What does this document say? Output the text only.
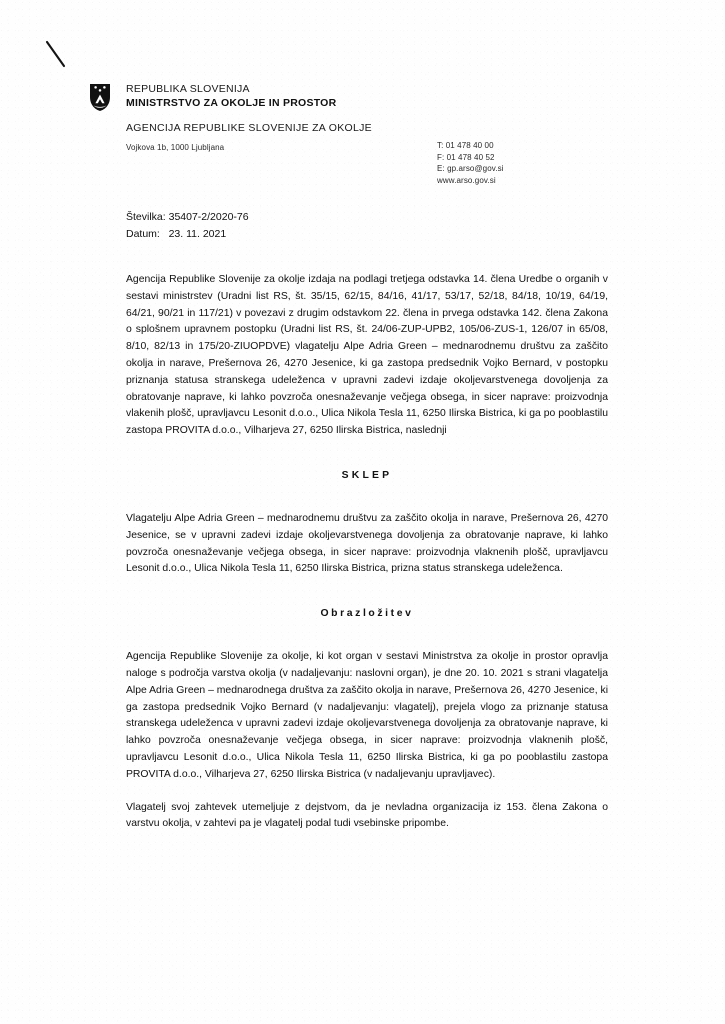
REPUBLIKA SLOVENIJA
MINISTRSTVO ZA OKOLJE IN PROSTOR
AGENCIJA REPUBLIKE SLOVENIJE ZA OKOLJE
Vojkova 1b, 1000 Ljubljana	T: 01 478 40 00
F: 01 478 40 52
E: gp.arso@gov.si
www.arso.gov.si
Številka: 35407-2/2020-76
Datum:   23. 11. 2021

Agencija Republike Slovenije za okolje izdaja na podlagi tretjega odstavka 14. člena Uredbe o organih v sestavi ministrstev (Uradni list RS, št. 35/15, 62/15, 84/16, 41/17, 53/17, 52/18, 84/18, 10/19, 64/19, 64/21, 90/21 in 117/21) v povezavi z drugim odstavkom 22. člena in prvega odstavka 142. člena Zakona o splošnem upravnem postopku (Uradni list RS, št. 24/06-ZUP-UPB2, 105/06-ZUS-1, 126/07 in 65/08, 8/10, 82/13 in 175/20-ZIUOPDVE) vlagatelju Alpe Adria Green – mednarodnemu društvu za zaščito okolja in narave, Prešernova 26, 4270 Jesenice, ki ga zastopa predsednik Vojko Bernard, v postopku priznanja statusa stranskega udeleženca v upravni zadevi izdaje okoljevarstvenega dovoljenja za obratovanje naprave, ki lahko povzroča onesnaževanje večjega obsega, in sicer naprave: proizvodnja vlakenih plošč, upravljavcu Lesonit d.o.o., Ulica Nikola Tesla 11, 6250 Ilirska Bistrica, ki ga po pooblastilu zastopa PROVITA d.o.o., Vilharjeva 27, 6250 Ilirska Bistrica, naslednji

SKLEP

Vlagatelju Alpe Adria Green – mednarodnemu društvu za zaščito okolja in narave, Prešernova 26, 4270 Jesenice, se v upravni zadevi izdaje okoljevarstvenega dovoljenja za obratovanje naprave, ki lahko povzroča onesnaževanje večjega obsega, in sicer naprave: proizvodnja vlaknenih plošč, upravljavcu Lesonit d.o.o., Ulica Nikola Tesla 11, 6250 Ilirska Bistrica, prizna status stranskega udeleženca.

Obrazložitev

Agencija Republike Slovenije za okolje, ki kot organ v sestavi Ministrstva za okolje in prostor opravlja naloge s področja varstva okolja (v nadaljevanju: naslovni organ), je dne 20. 10. 2021 s strani vlagatelja Alpe Adria Green – mednarodnega društva za zaščito okolja in narave, Prešernova 26, 4270 Jesenice, ki ga zastopa predsednik Vojko Bernard (v nadaljevanju: vlagatelj), prejela vlogo za priznanje statusa stranskega udeleženca v upravni zadevi izdaje okoljevarstvenega dovoljenja za obratovanje naprave, ki lahko povzroča onesnaževanje večjega obsega, in sicer naprave: proizvodnja vlaknenih plošč, upravljavcu Lesonit d.o.o., Ulica Nikola Tesla 11, 6250 Ilirska Bistrica, ki ga po pooblastilu zastopa PROVITA d.o.o., Vilharjeva 27, 6250 Ilirska Bistrica (v nadaljevanju upravljavec).

Vlagatelj svoj zahtevek utemeljuje z dejstvom, da je nevladna organizacija iz 153. člena Zakona o varstvu okolja, v zahtevi pa je vlagatelj podal tudi vsebinske pripombe.
